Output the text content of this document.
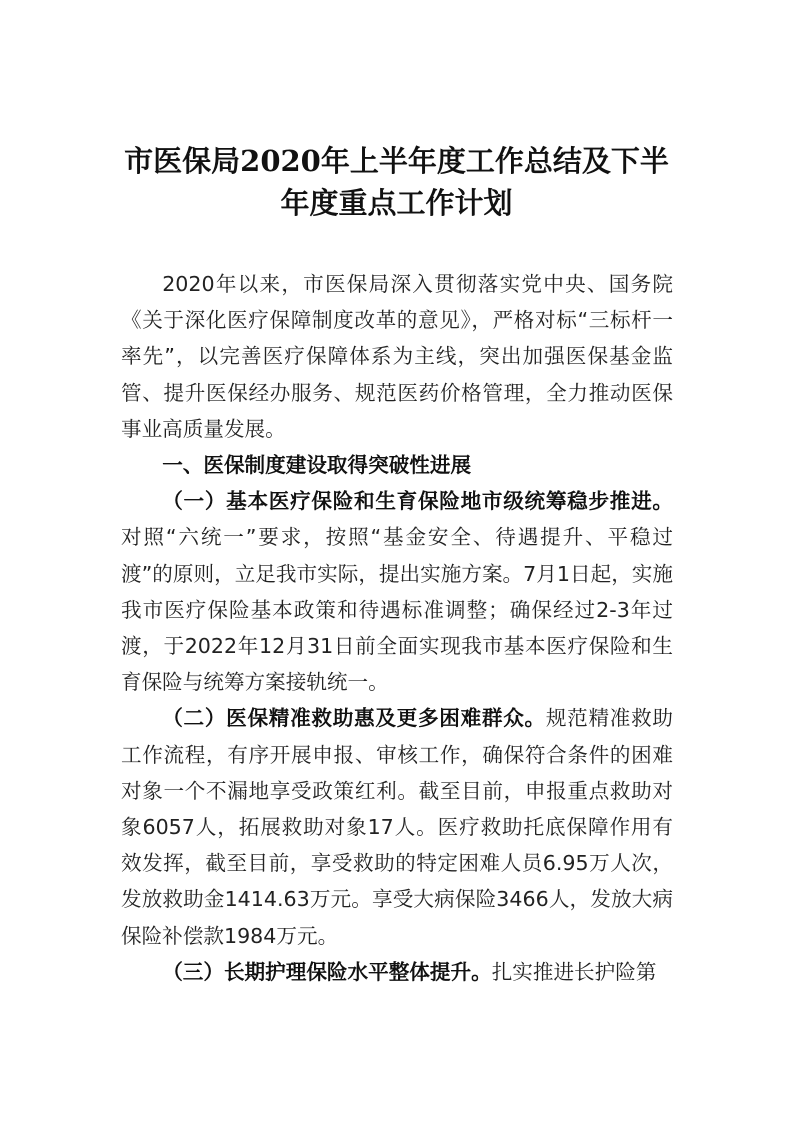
市医保局2020年上半年度工作总结及下半
年度重点工作计划

2020年以来，市医保局深入贯彻落实党中央、国务院《关于深化医疗保障制度改革的意见》，严格对标“三标杆一率先”，以完善医疗保障体系为主线，突出加强医保基金监管、提升医保经办服务、规范医药价格管理，全力推动医保事业高质量发展。

一、医保制度建设取得突破性进展

（一）基本医疗保险和生育保险地市级统筹稳步推进。对照“六统一”要求，按照“基金安全、待遇提升、平稳过渡”的原则，立足我市实际，提出实施方案。7月1日起，实施我市医疗保险基本政策和待遇标准调整；确保经过2-3年过渡，于2022年12月31日前全面实现我市基本医疗保险和生育保险与统筹方案接轨统一。

（二）医保精准救助惠及更多困难群众。规范精准救助工作流程，有序开展申报、审核工作，确保符合条件的困难对象一个不漏地享受政策红利。截至目前，申报重点救助对象6057人，拓展救助对象17人。医疗救助托底保障作用有效发挥，截至目前，享受救助的特定困难人员6.95万人次，发放救助金1414.63万元。享受大病保险3466人，发放大病保险补偿款1984万元。

（三）长期护理保险水平整体提升。扎实推进长护险第
